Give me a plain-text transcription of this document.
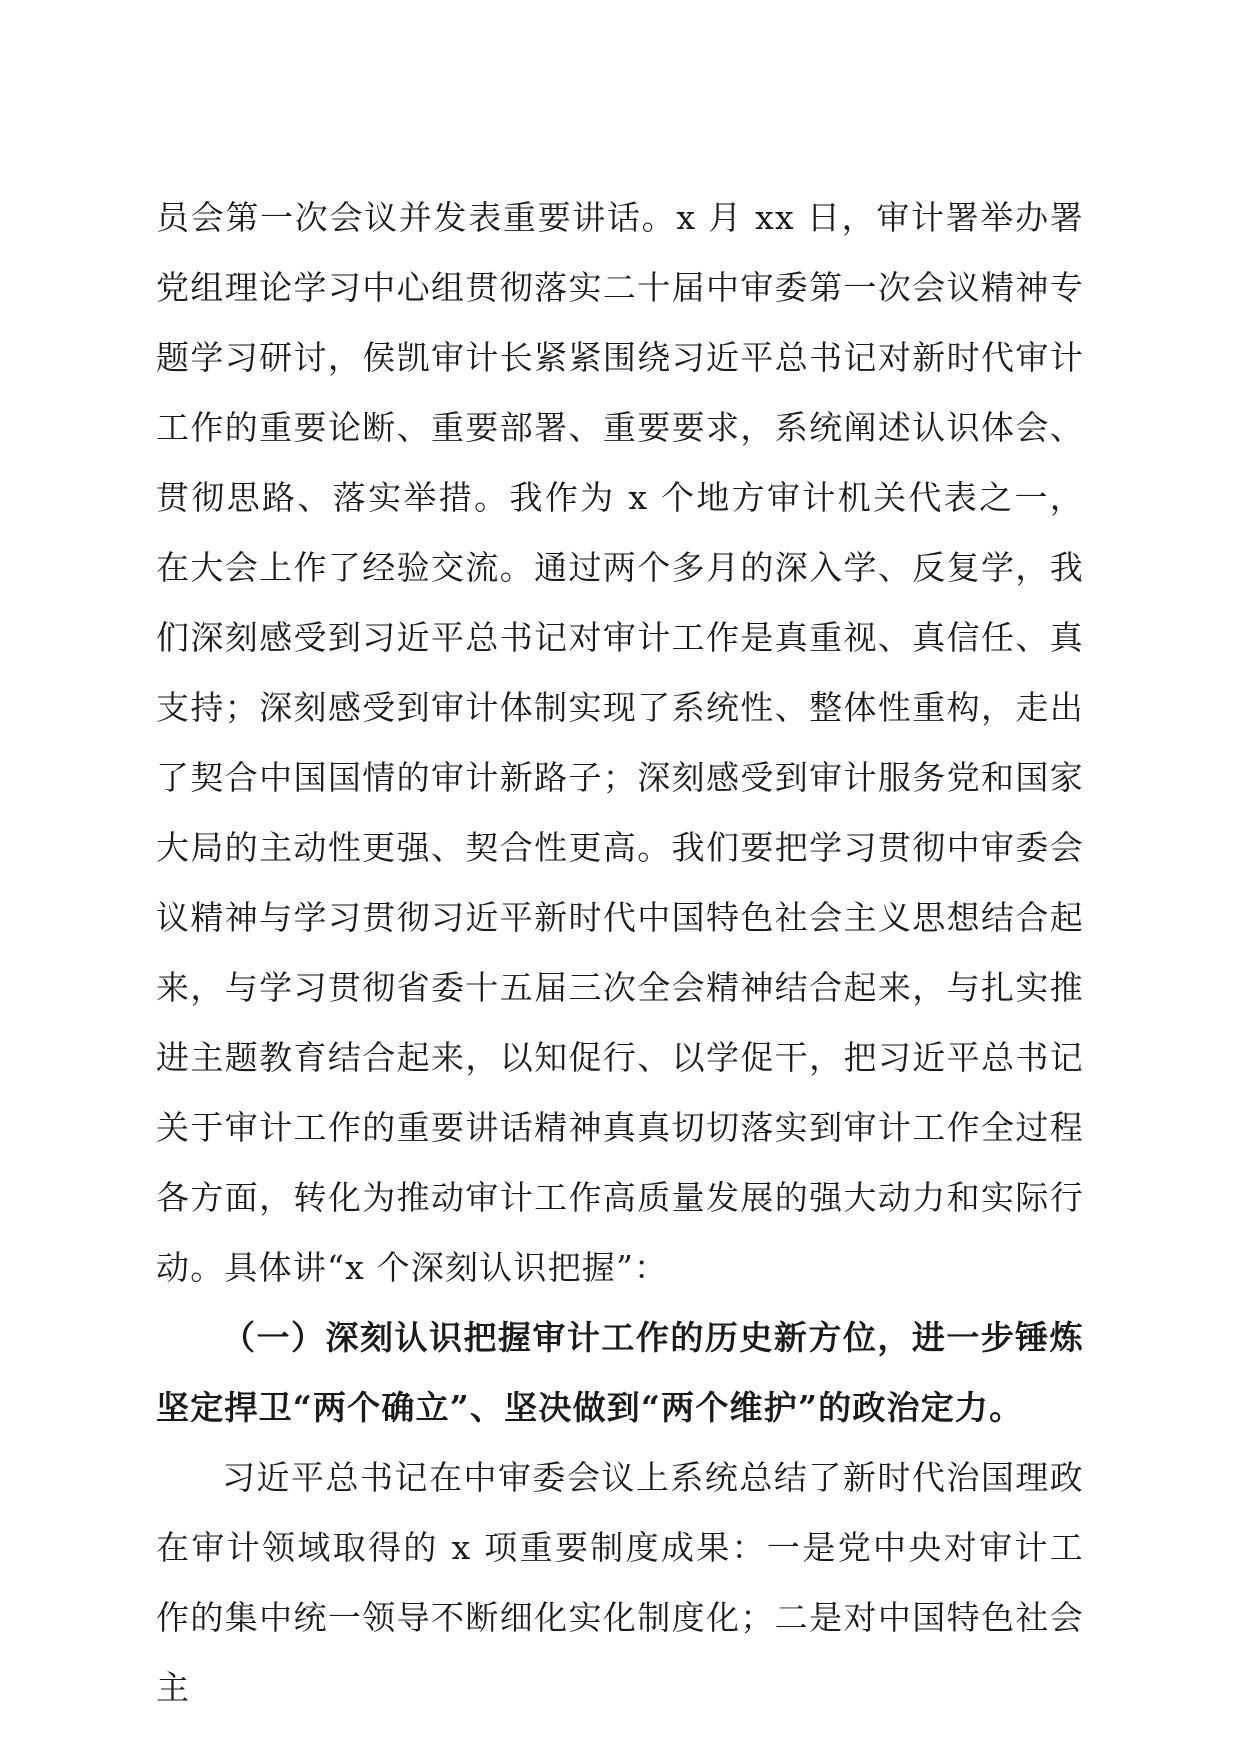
员会第一次会议并发表重要讲话。x 月 xx 日，审计署举办署党组理论学习中心组贯彻落实二十届中审委第一次会议精神专题学习研讨，侯凯审计长紧紧围绕习近平总书记对新时代审计工作的重要论断、重要部署、重要要求，系统阐述认识体会、贯彻思路、落实举措。我作为 x 个地方审计机关代表之一，在大会上作了经验交流。通过两个多月的深入学、反复学，我们深刻感受到习近平总书记对审计工作是真重视、真信任、真支持；深刻感受到审计体制实现了系统性、整体性重构，走出了契合中国国情的审计新路子；深刻感受到审计服务党和国家大局的主动性更强、契合性更高。我们要把学习贯彻中审委会议精神与学习贯彻习近平新时代中国特色社会主义思想结合起来，与学习贯彻省委十五届三次全会精神结合起来，与扎实推进主题教育结合起来，以知促行、以学促干，把习近平总书记关于审计工作的重要讲话精神真真切切落实到审计工作全过程各方面，转化为推动审计工作高质量发展的强大动力和实际行动。具体讲“x 个深刻认识把握”：

（一）深刻认识把握审计工作的历史新方位，进一步锤炼坚定捍卫“两个确立”、坚决做到“两个维护”的政治定力。

习近平总书记在中审委会议上系统总结了新时代治国理政在审计领域取得的 x 项重要制度成果：一是党中央对审计工作的集中统一领导不断细化实化制度化；二是对中国特色社会主
